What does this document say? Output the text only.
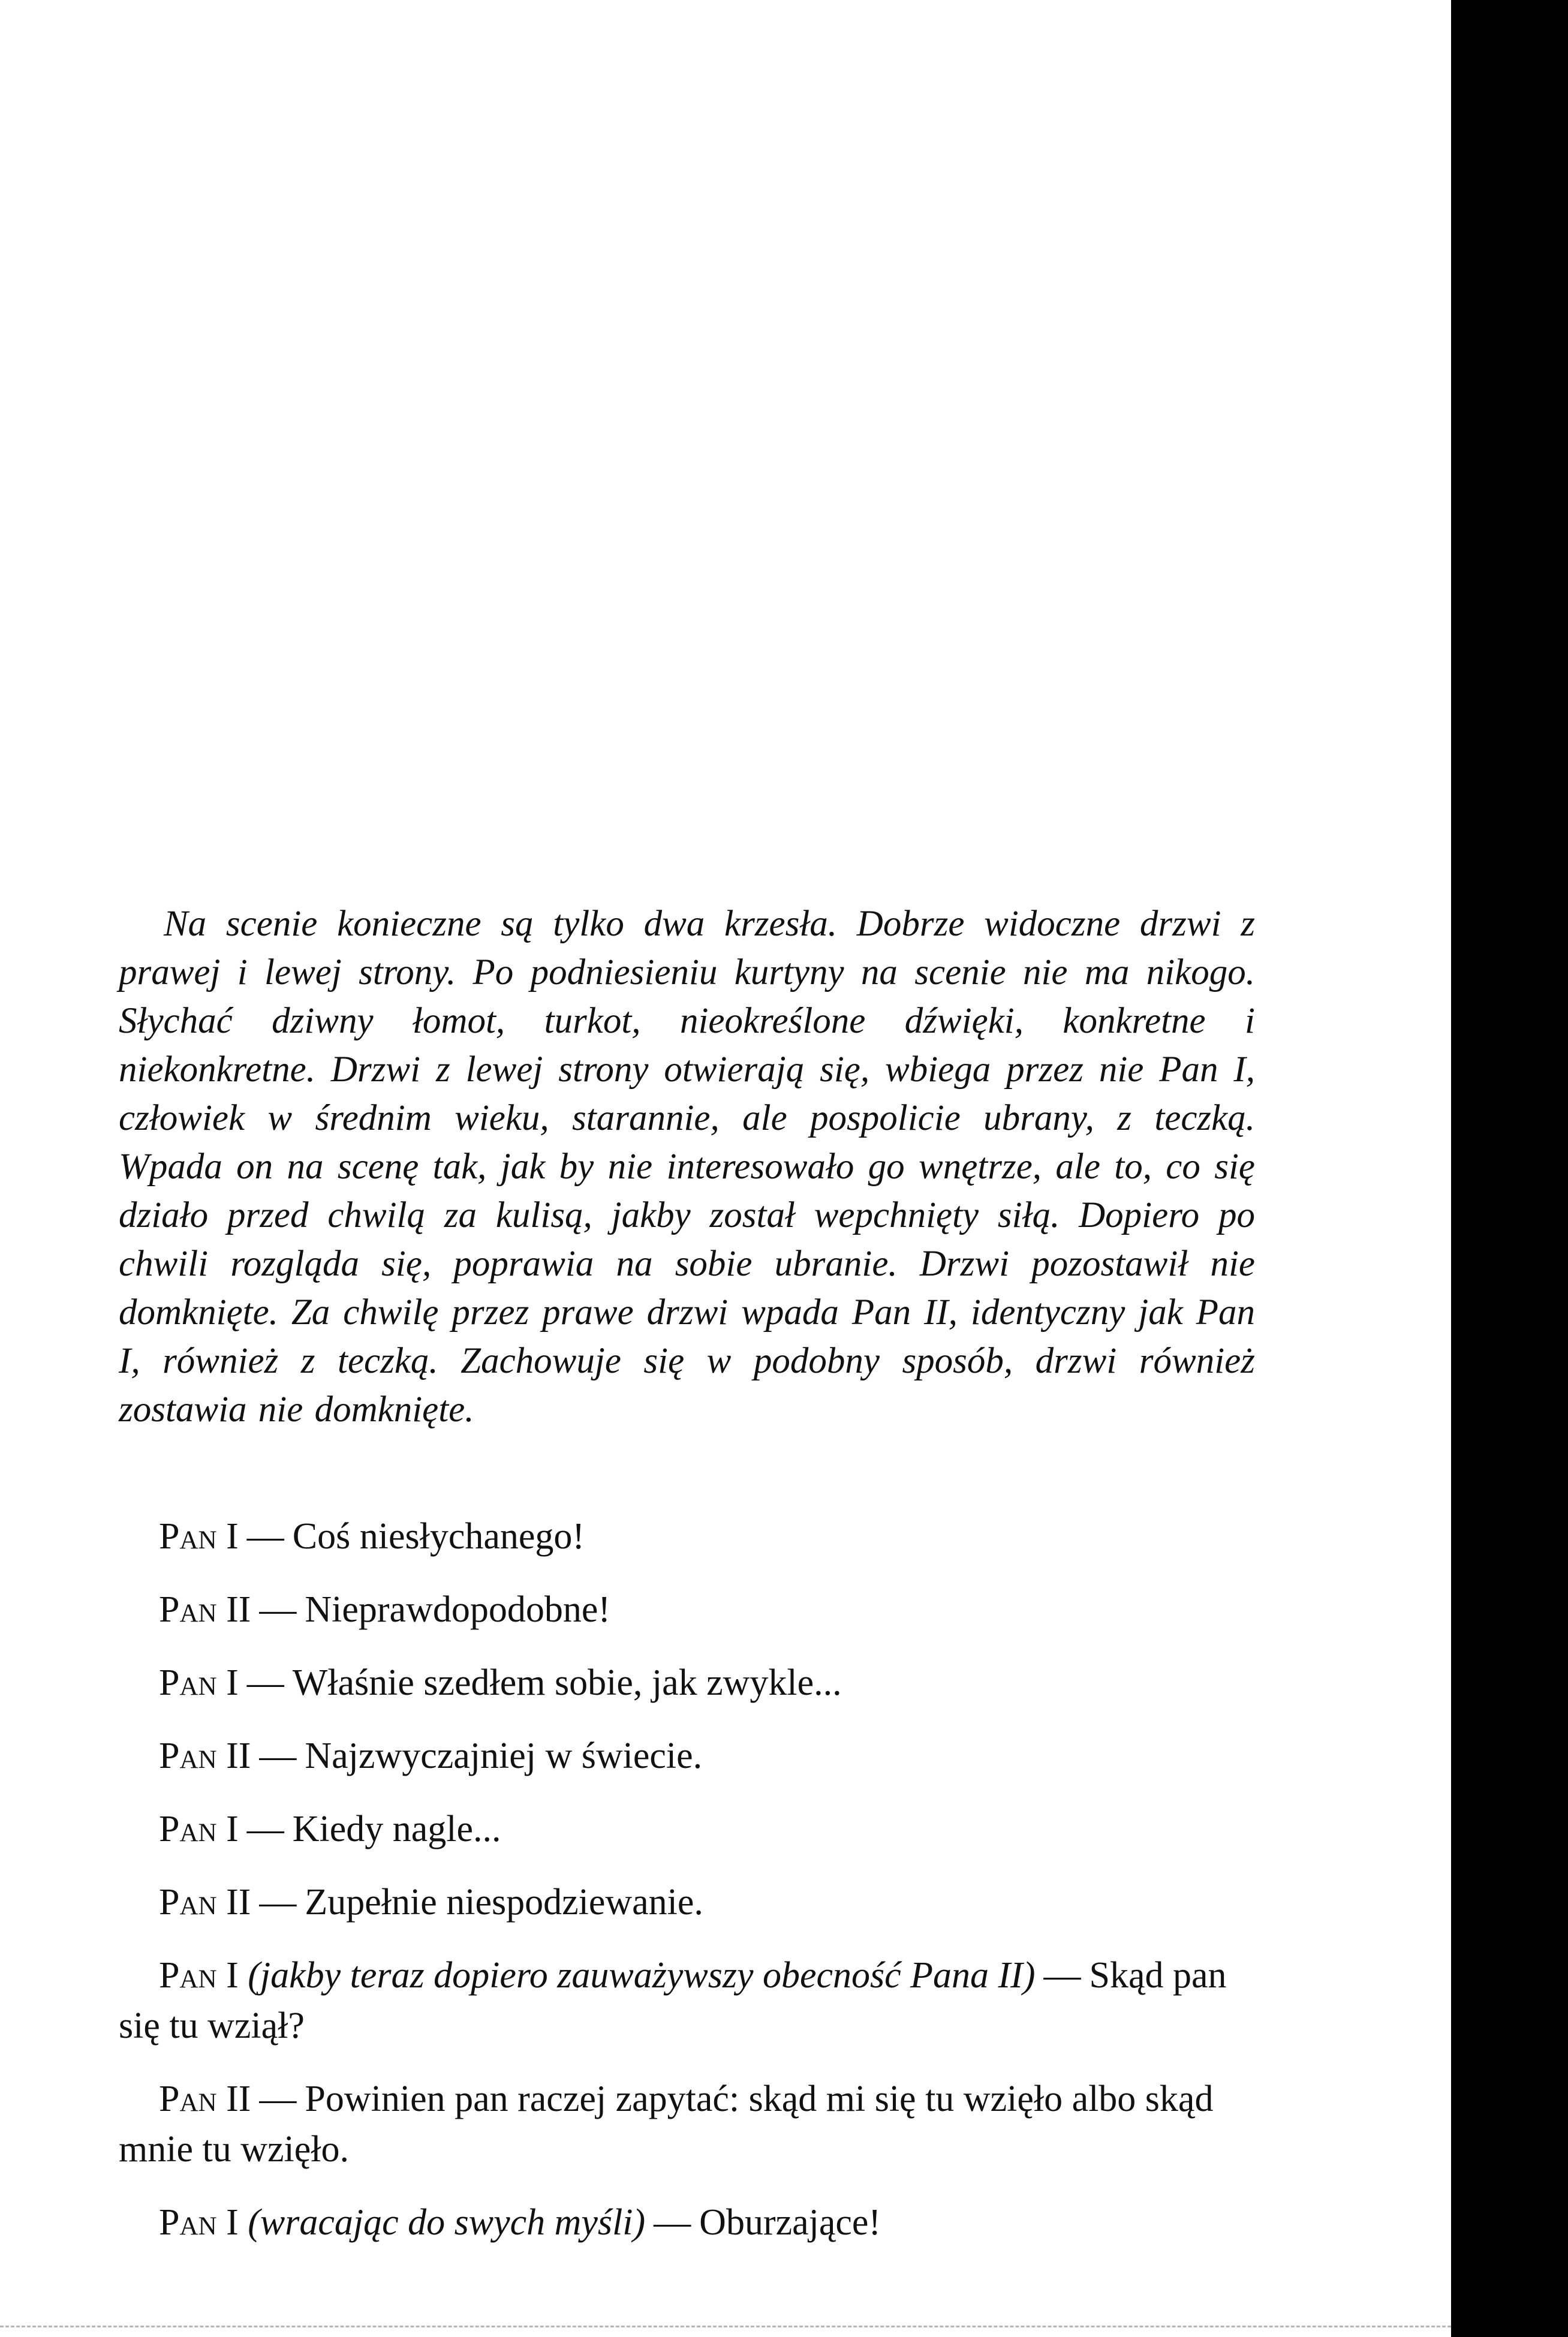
Na scenie konieczne są tylko dwa krzesła. Dobrze widoczne drzwi z prawej i lewej strony. Po podniesieniu kurtyny na scenie nie ma nikogo. Słychać dziwny łomot, turkot, nieokreślone dźwięki, konkretne i niekonkretne. Drzwi z lewej strony otwierają się, wbiega przez nie Pan I, człowiek w średnim wieku, starannie, ale pospolicie ubrany, z teczką. Wpada on na scenę tak, jak by nie interesowało go wnętrze, ale to, co się działo przed chwilą za kulisą, jakby został wepchnięty siłą. Dopiero po chwili rozgląda się, poprawia na sobie ubranie. Drzwi pozostawił nie domknięte. Za chwilę przez prawe drzwi wpada Pan II, identyczny jak Pan I, również z teczką. Zachowuje się w podobny sposób, drzwi również zostawia nie domknięte.

Pan I — Coś niesłychanego!

Pan II — Nieprawdopodobne!

Pan I — Właśnie szedłem sobie, jak zwykle...

Pan II — Najzwyczajniej w świecie.

Pan I — Kiedy nagle...

Pan II — Zupełnie niespodziewanie.

Pan I (jakby teraz dopiero zauważywszy obecność Pana II) — Skąd pan się tu wziął?

Pan II — Powinien pan raczej zapytać: skąd mi się tu wzięło albo skąd mnie tu wzięło.

Pan I (wracając do swych myśli) — Oburzające!
